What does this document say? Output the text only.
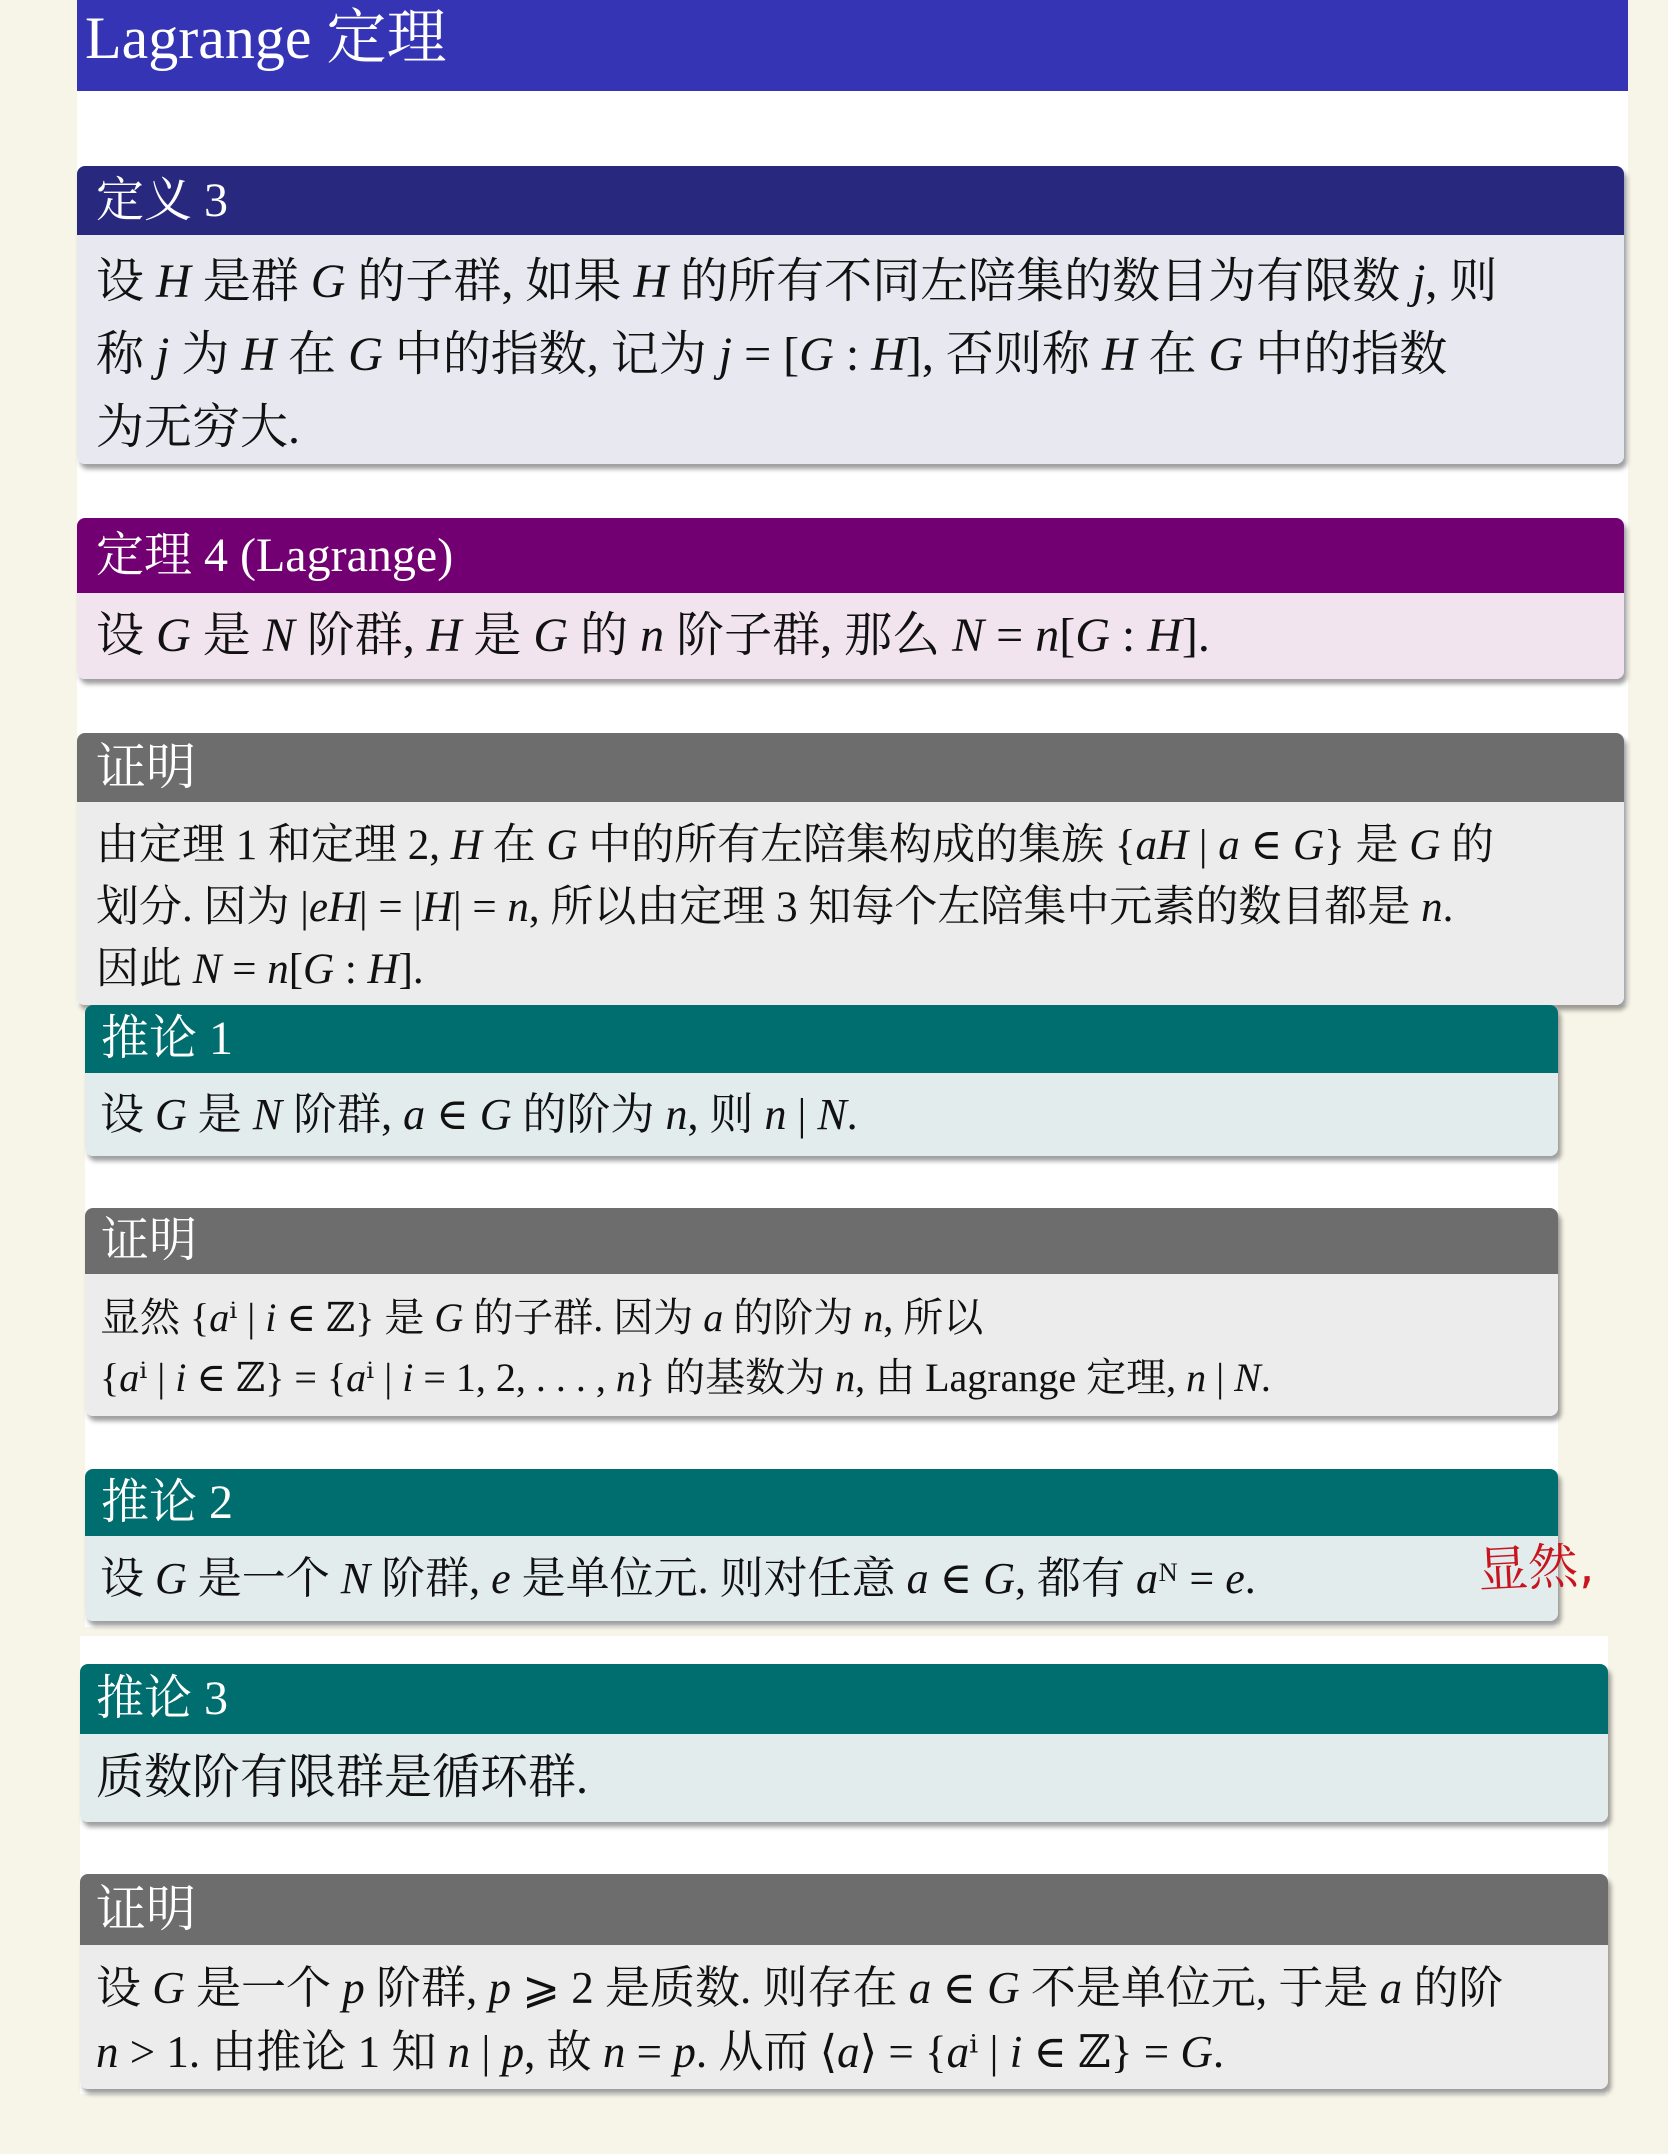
Lagrange 定理
定义 3
设 H 是群 G 的子群, 如果 H 的所有不同左陪集的数目为有限数 j, 则
称 j 为 H 在 G 中的指数, 记为 j = [G : H], 否则称 H 在 G 中的指数
为无穷大.
定理 4 (Lagrange)
设 G 是 N 阶群, H 是 G 的 n 阶子群, 那么 N = n[G : H].
证明
由定理 1 和定理 2, H 在 G 中的所有左陪集构成的集族 {aH | a ∈ G} 是 G 的
划分. 因为 |eH| = |H| = n, 所以由定理 3 知每个左陪集中元素的数目都是 n.
因此 N = n[G : H].
推论 1
设 G 是 N 阶群, a ∈ G 的阶为 n, 则 n | N.
证明
显然 {aⁱ | i ∈ ℤ} 是 G 的子群. 因为 a 的阶为 n, 所以
{aⁱ | i ∈ ℤ} = {aⁱ | i = 1, 2, . . . , n} 的基数为 n, 由 Lagrange 定理, n | N.
推论 2
设 G 是一个 N 阶群, e 是单位元. 则对任意 a ∈ G, 都有 aᴺ = e.	显然,
推论 3
质数阶有限群是循环群.
证明
设 G 是一个 p 阶群, p ⩾ 2 是质数. 则存在 a ∈ G 不是单位元, 于是 a 的阶
n > 1. 由推论 1 知 n | p, 故 n = p. 从而 ⟨a⟩ = {aⁱ | i ∈ ℤ} = G.
